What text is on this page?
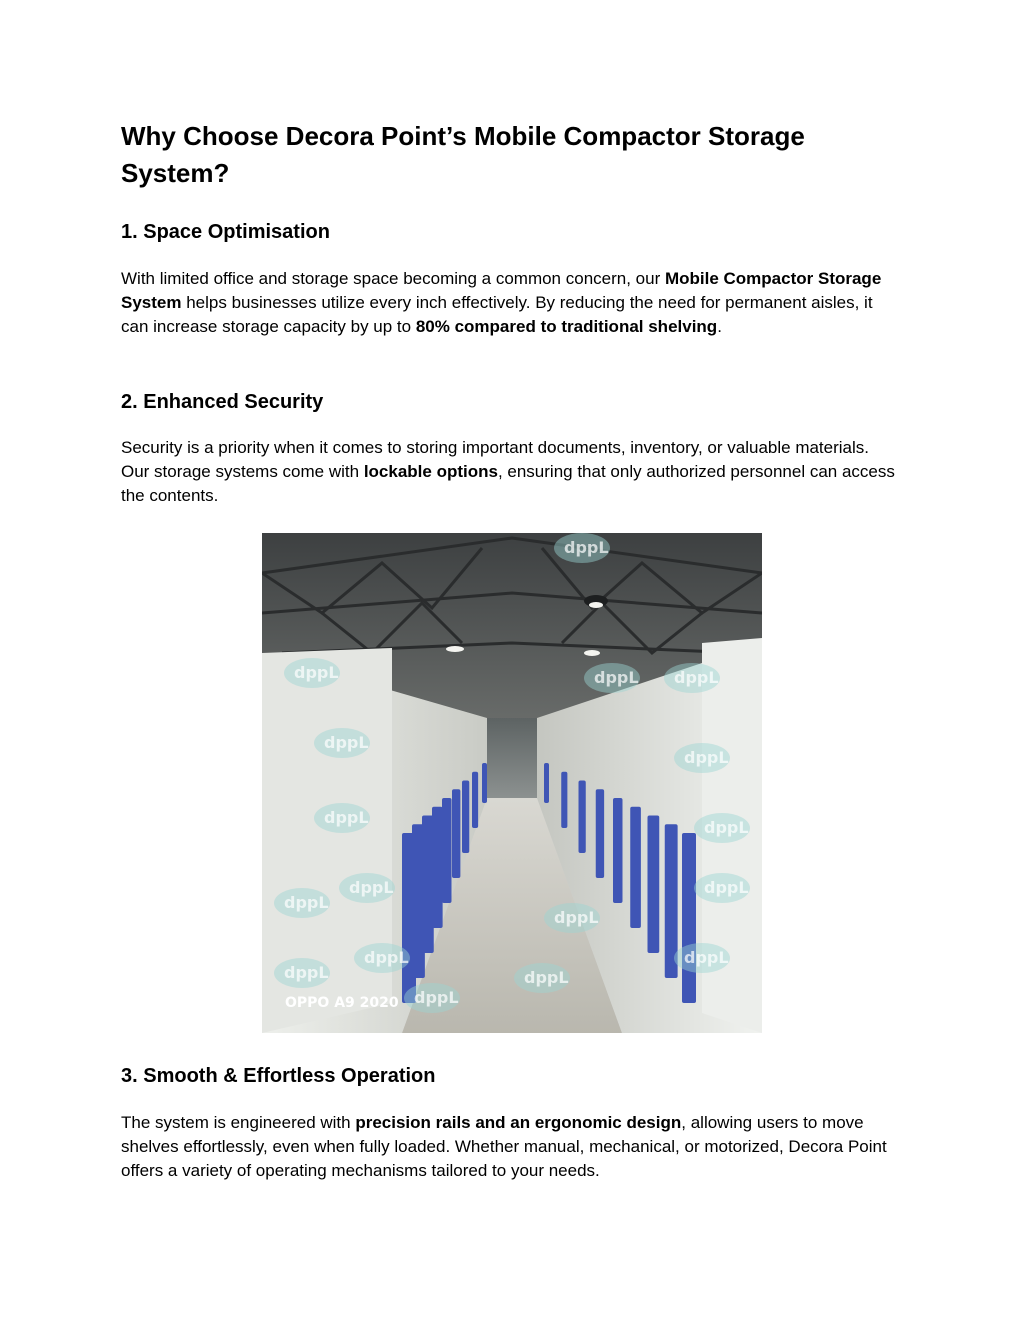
Why Choose Decora Point’s Mobile Compactor Storage System?
1. Space Optimisation

With limited office and storage space becoming a common concern, our Mobile Compactor Storage System helps businesses utilize every inch effectively. By reducing the need for permanent aisles, it can increase storage capacity by up to 80% compared to traditional shelving.

2. Enhanced Security

Security is a priority when it comes to storing important documents, inventory, or valuable materials. Our storage systems come with lockable options, ensuring that only authorized personnel can access the contents.

3. Smooth & Effortless Operation

The system is engineered with precision rails and an ergonomic design, allowing users to move shelves effortlessly, even when fully loaded. Whether manual, mechanical, or motorized, Decora Point offers a variety of operating mechanisms tailored to your needs.

dppL
dppL
dppL
dppL
dppL
dppL
dppL
dppL
dppL
dppL dppL
dppL
dppL
dppL
dppL
dppL
dppL
OPPO A9 2020
